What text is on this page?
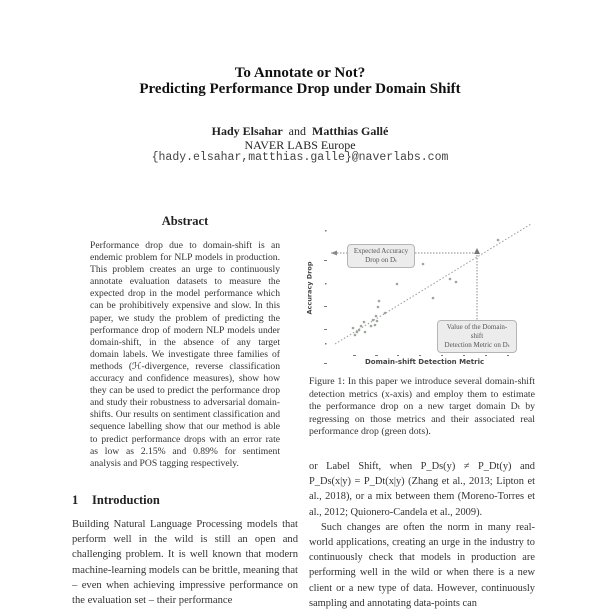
To Annotate or Not?
Predicting Performance Drop under Domain Shift
Hady Elsahar and Matthias Gallé
NAVER LABS Europe
{hady.elsahar,matthias.galle}@naverlabs.com
Abstract
Performance drop due to domain-shift is an endemic problem for NLP models in production. This problem creates an urge to continuously annotate evaluation datasets to measure the expected drop in the model performance which can be prohibitively expensive and slow. In this paper, we study the problem of predicting the performance drop of modern NLP models under domain-shift, in the absence of any target domain labels. We investigate three families of methods (ℋ-divergence, reverse classification accuracy and confidence measures), show how they can be used to predict the performance drop and study their robustness to adversarial domain-shifts. Our results on sentiment classification and sequence labelling show that our method is able to predict performance drops with an error rate as low as 2.15% and 0.89% for sentiment analysis and POS tagging respectively.
1 Introduction
Building Natural Language Processing models that perform well in the wild is still an open and challenging problem. It is well known that modern machine-learning models can be brittle, meaning that – even when achieving impressive performance on the evaluation set – their performance
Accuracy Drop
Domain-shift Detection Metric
Expected Accuracy
Drop on Dₜ
Value of the Domain-shift
Detection Metric on Dₜ
Figure 1: In this paper we introduce several domain-shift detection metrics (x-axis) and employ them to estimate the performance drop on a new target domain Dₜ by regressing on those metrics and their associated real performance drop (green dots).
or Label Shift, when P_Ds(y) ≠ P_Dt(y) and P_Ds(x|y) = P_Dt(x|y) (Zhang et al., 2013; Lipton et al., 2018), or a mix between them (Moreno-Torres et al., 2012; Quionero-Candela et al., 2009).
Such changes are often the norm in many real-world applications, creating an urge in the industry to continuously check that models in production are performing well in the wild or when there is a new client or a new type of data. However, continuously sampling and annotating data-points can
